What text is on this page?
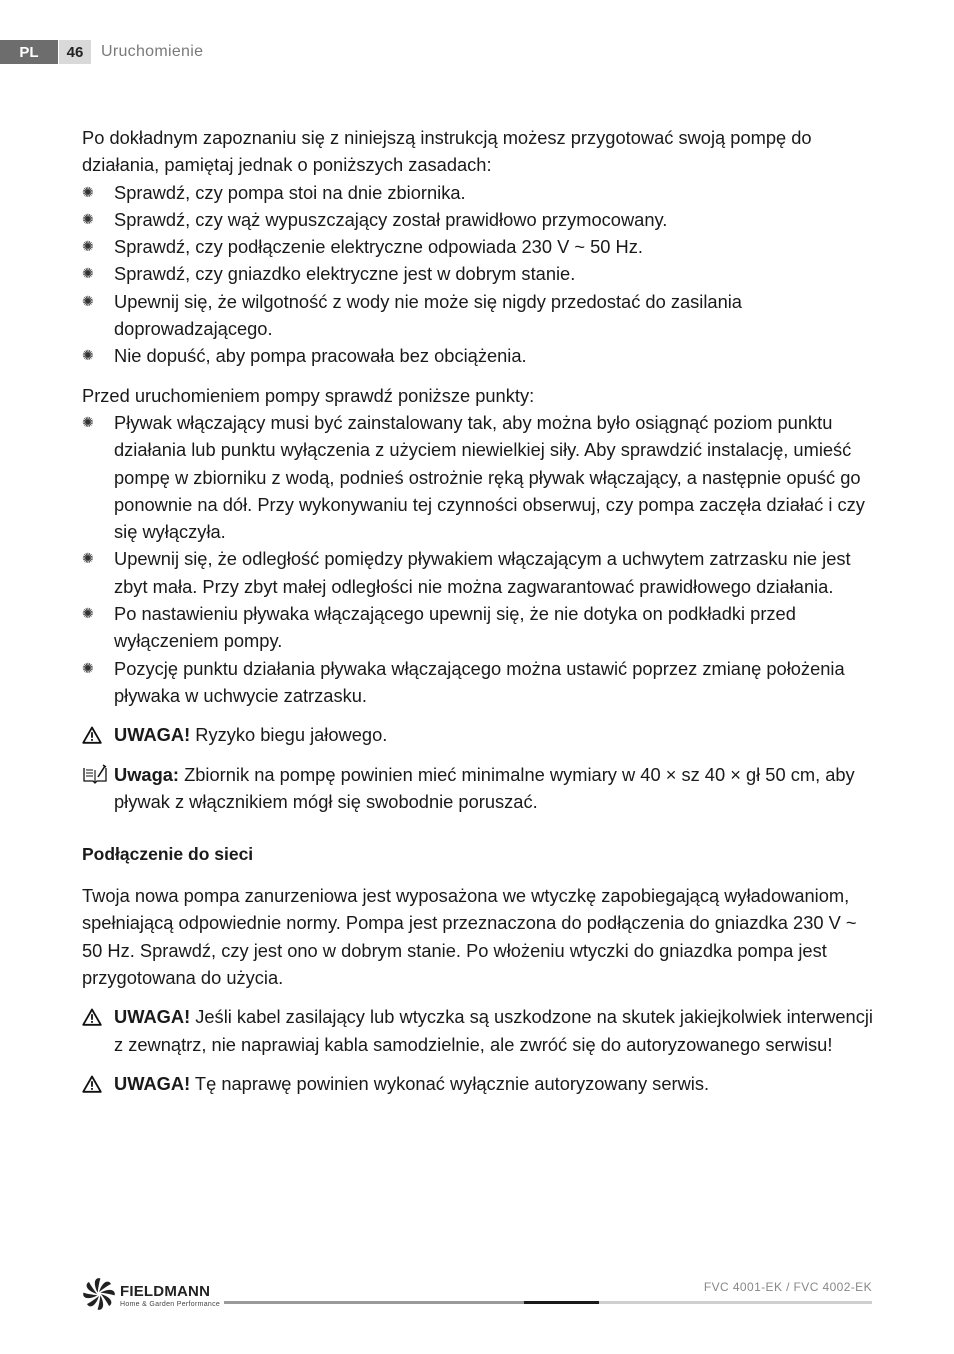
PL	46	Uruchomienie

Po dokładnym zapoznaniu się z niniejszą instrukcją możesz przygotować swoją pompę do działania, pamiętaj jednak o poniższych zasadach:

✺ Sprawdź, czy pompa stoi na dnie zbiornika.
✺ Sprawdź, czy wąż wypuszczający został prawidłowo przymocowany.
✺ Sprawdź, czy podłączenie elektryczne odpowiada 230 V ~ 50 Hz.
✺ Sprawdź, czy gniazdko elektryczne jest w dobrym stanie.
✺ Upewnij się, że wilgotność z wody nie może się nigdy przedostać do zasilania doprowadzającego.
✺ Nie dopuść, aby pompa pracowała bez obciążenia.

Przed uruchomieniem pompy sprawdź poniższe punkty:

✺ Pływak włączający musi być zainstalowany tak, aby można było osiągnąć poziom punktu działania lub punktu wyłączenia z użyciem niewielkiej siły. Aby sprawdzić instalację, umieść pompę w zbiorniku z wodą, podnieś ostrożnie ręką pływak włączający, a następnie opuść go ponownie na dół. Przy wykonywaniu tej czynności obserwuj, czy pompa zaczęła działać i czy się wyłączyła.
✺ Upewnij się, że odległość pomiędzy pływakiem włączającym a uchwytem zatrzasku nie jest zbyt mała. Przy zbyt małej odległości nie można zagwarantować prawidłowego działania.
✺ Po nastawieniu pływaka włączającego upewnij się, że nie dotyka on podkładki przed wyłączeniem pompy.
✺ Pozycję punktu działania pływaka włączającego można ustawić poprzez zmianę położenia pływaka w uchwycie zatrzasku.
UWAGA! Ryzyko biegu jałowego.
Uwaga: Zbiornik na pompę powinien mieć minimalne wymiary w 40 × sz 40 × gł 50 cm, aby pływak z włącznikiem mógł się swobodnie poruszać.
Podłączenie do sieci

Twoja nowa pompa zanurzeniowa jest wyposażona we wtyczkę zapobiegającą wyładowaniom, spełniającą odpowiednie normy. Pompa jest przeznaczona do podłączenia do gniazdka 230 V ~ 50 Hz. Sprawdź, czy jest ono w dobrym stanie. Po włożeniu wtyczki do gniazdka pompa jest przygotowana do użycia.

UWAGA! Jeśli kabel zasilający lub wtyczka są uszkodzone na skutek jakiejkolwiek interwencji z zewnątrz, nie naprawiaj kabla samodzielnie, ale zwróć się do autoryzowanego serwisu!
UWAGA! Tę naprawę powinien wykonać wyłącznie autoryzowany serwis.
FIELDMANN
Home & Garden Performance
FVC 4001-EK / FVC 4002-EK
